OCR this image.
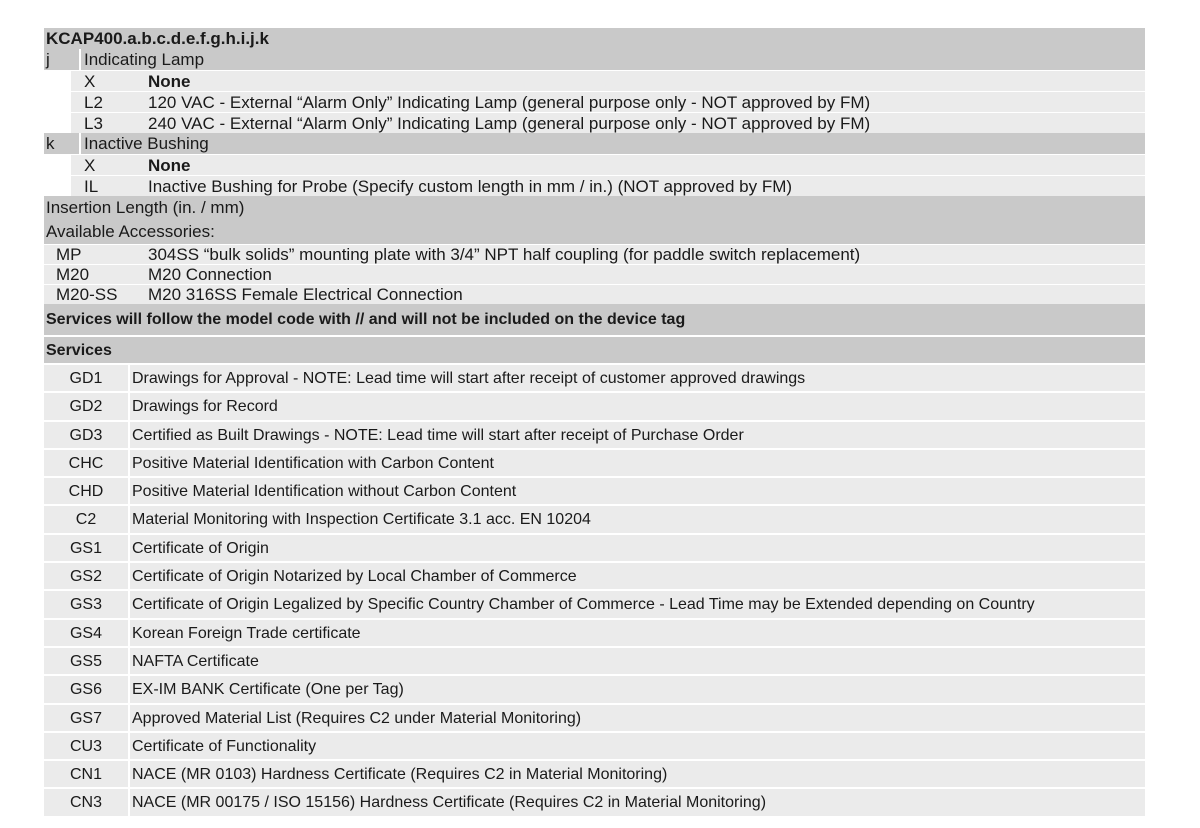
KCAP400.a.b.c.d.e.f.g.h.i.j.k
j Indicating Lamp
X	None
L2	120 VAC - External “Alarm Only” Indicating Lamp (general purpose only - NOT approved by FM)
L3	240 VAC - External “Alarm Only” Indicating Lamp (general purpose only - NOT approved by FM)
k Inactive Bushing
X	None
IL	Inactive Bushing for Probe (Specify custom length in mm / in.) (NOT approved by FM)
Insertion Length (in. / mm)
Available Accessories:
MP	304SS “bulk solids” mounting plate with 3/4” NPT half coupling (for paddle switch replacement)
M20	M20 Connection
M20-SS M20 316SS Female Electrical Connection
Services will follow the model code with // and will not be included on the device tag
Services
GD1	Drawings for Approval - NOTE: Lead time will start after receipt of customer approved drawings
GD2	Drawings for Record
GD3	Certified as Built Drawings - NOTE: Lead time will start after receipt of Purchase Order
CHC	Positive Material Identification with Carbon Content
CHD	Positive Material Identification without Carbon Content
C2	Material Monitoring with Inspection Certificate 3.1 acc. EN 10204
GS1	Certificate of Origin
GS2	Certificate of Origin Notarized by Local Chamber of Commerce
GS3	Certificate of Origin Legalized by Specific Country Chamber of Commerce - Lead Time may be Extended depending on Country
GS4	Korean Foreign Trade certificate
GS5	NAFTA Certificate
GS6	EX-IM BANK Certificate (One per Tag)
GS7	Approved Material List (Requires C2 under Material Monitoring)
CU3	Certificate of Functionality
CN1	NACE (MR 0103) Hardness Certificate (Requires C2 in Material Monitoring)
CN3	NACE (MR 00175 / ISO 15156) Hardness Certificate (Requires C2 in Material Monitoring)
